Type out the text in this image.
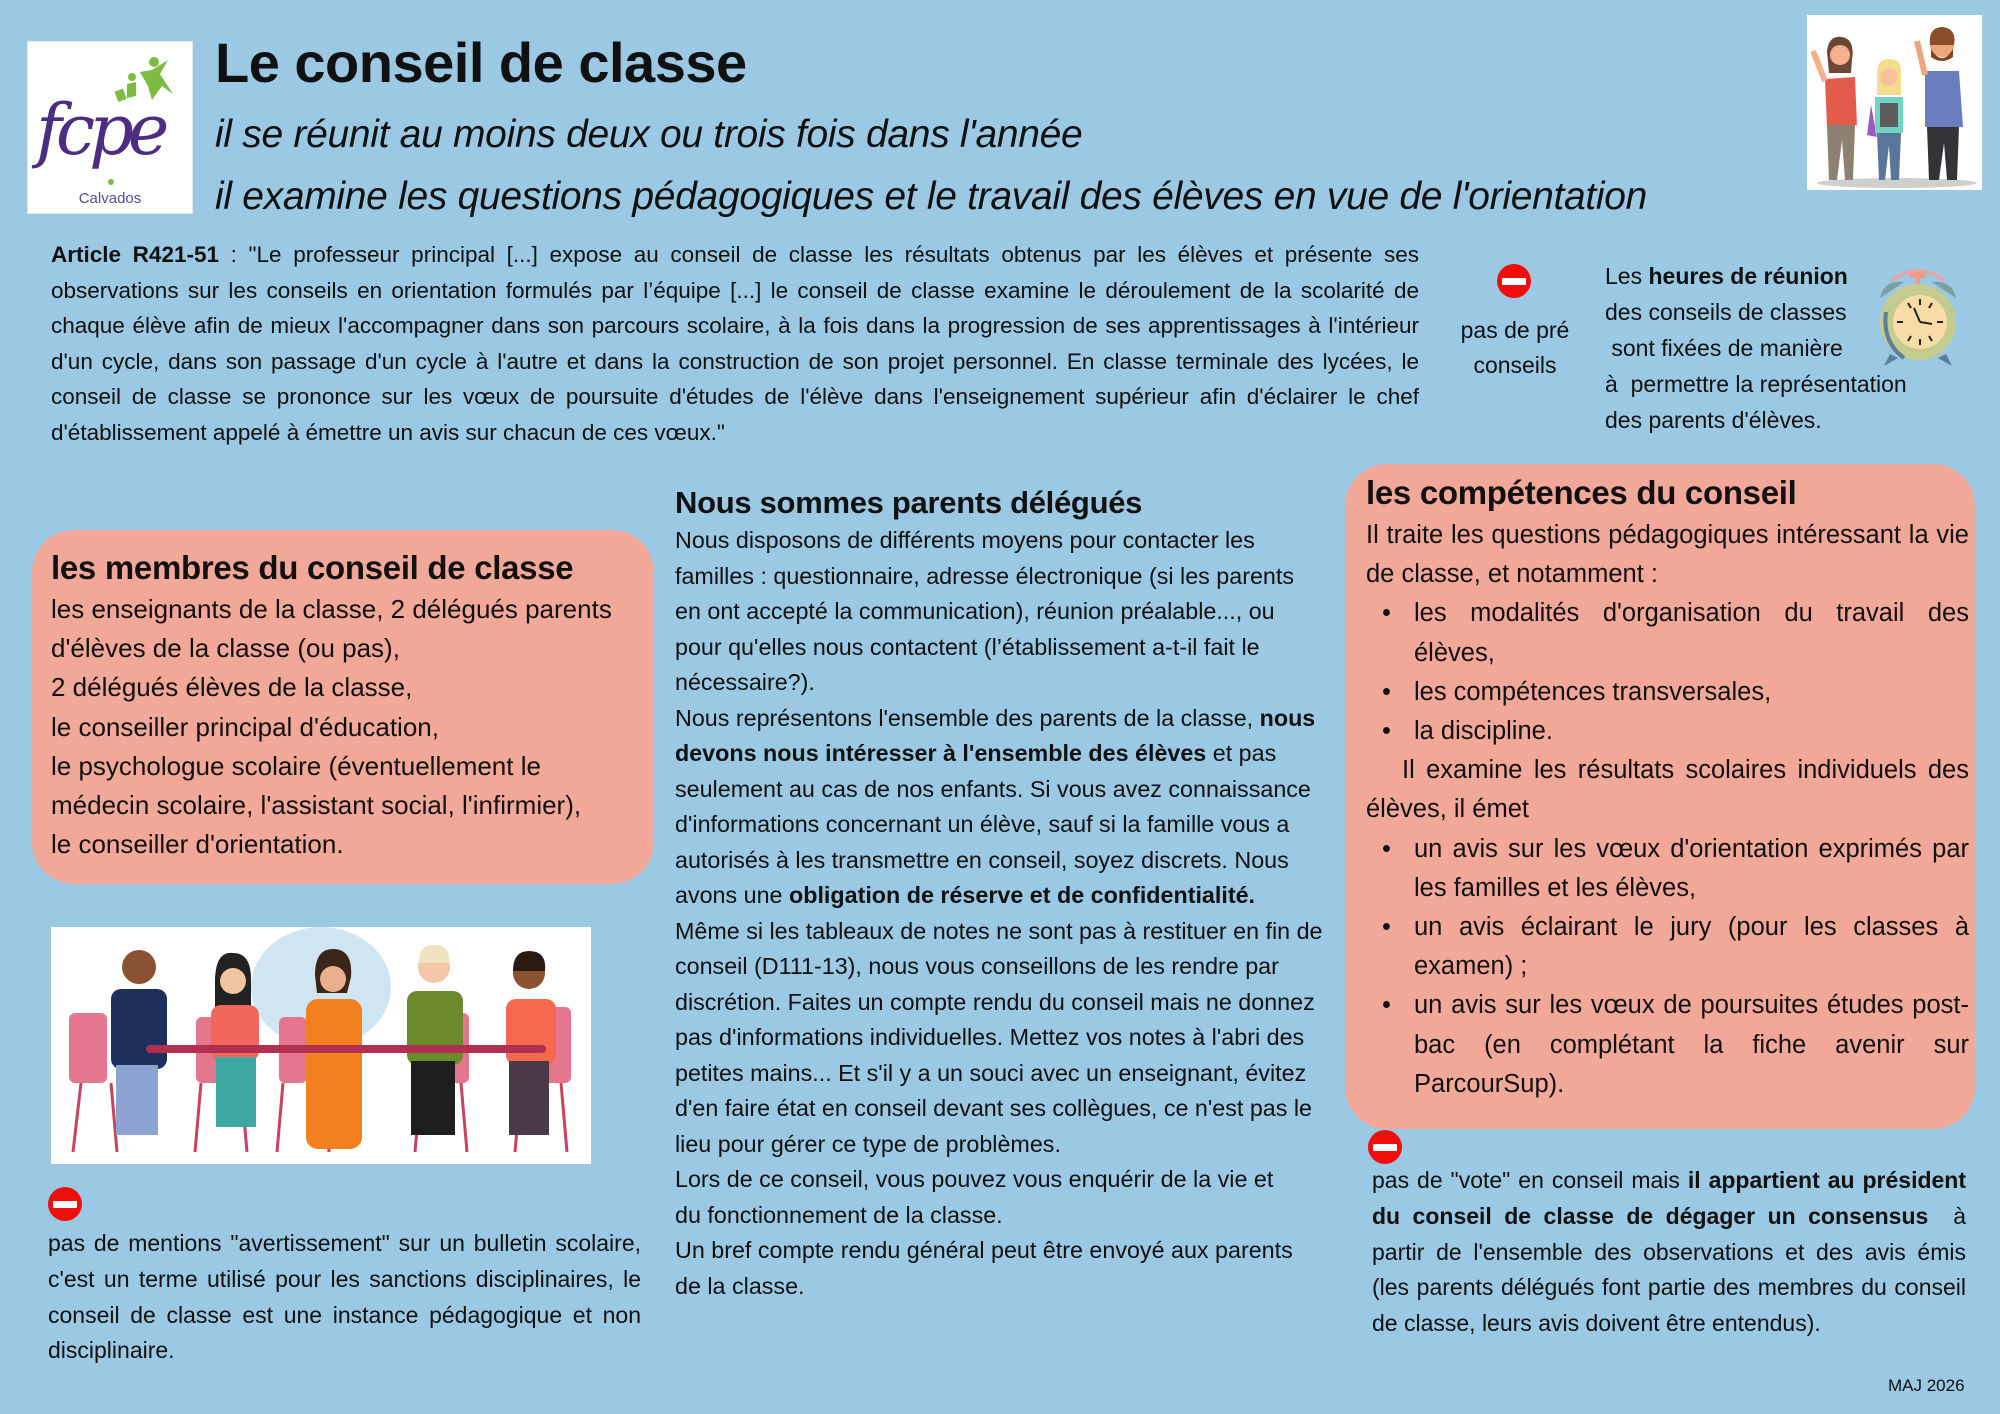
fcpe
Calvados
Le conseil de classe
il se réunit au moins deux ou trois fois dans l'année
il examine les questions pédagogiques et le travail des élèves en vue de l'orientation

Article R421-51 : "Le professeur principal [...] expose au conseil de classe les résultats obtenus par les élèves et présente ses observations sur les conseils en orientation formulés par l’équipe [...] le conseil de classe examine le déroulement de la scolarité de chaque élève afin de mieux l'accompagner dans son parcours scolaire, à la fois dans la progression de ses apprentissages à l'intérieur d'un cycle, dans son passage d'un cycle à l'autre et dans la construction de son projet personnel. En classe terminale des lycées, le conseil de classe se prononce sur les vœux de poursuite d'études de l'élève dans l'enseignement supérieur afin d'éclairer le chef d'établissement appelé à émettre un avis sur chacun de ces vœux."

pas de pré
conseils
Les heures de réunion
des conseils de classes
sont fixées de manière
à  permettre la représentation
des parents d'élèves.
les membres du conseil de classe
les enseignants de la classe, 2 délégués parents
d'élèves de la classe (ou pas),
2 délégués élèves de la classe,
le conseiller principal d'éducation,
le psychologue scolaire (éventuellement le
médecin scolaire, l'assistant social, l'infirmier),
le conseiller d'orientation.
Nous sommes parents délégués
Nous disposons de différents moyens pour contacter les familles : questionnaire, adresse électronique (si les parents en ont accepté la communication), réunion préalable..., ou pour qu'elles nous contactent (l’établissement a-t-il fait le nécessaire?).
Nous représentons l'ensemble des parents de la classe, nous devons nous intéresser à l'ensemble des élèves et pas seulement au cas de nos enfants. Si vous avez connaissance d'informations concernant un élève, sauf si la famille vous a autorisés à les transmettre en conseil, soyez discrets. Nous avons une obligation de réserve et de confidentialité. Même si les tableaux de notes ne sont pas à restituer en fin de conseil (D111-13), nous vous conseillons de les rendre par discrétion. Faites un compte rendu du conseil mais ne donnez pas d'informations individuelles. Mettez vos notes à l'abri des petites mains... Et s'il y a un souci avec un enseignant, évitez d'en faire état en conseil devant ses collègues, ce n'est pas le lieu pour gérer ce type de problèmes.
Lors de ce conseil, vous pouvez vous enquérir de la vie et du fonctionnement de la classe.
Un bref compte rendu général peut être envoyé aux parents de la classe.
les compétences du conseil
Il traite les questions pédagogiques intéressant la vie de classe, et notamment :
• les modalités d'organisation du travail des élèves,
• les compétences transversales,
• la discipline.
Il examine les résultats scolaires individuels des élèves, il émet
• un avis sur les vœux d'orientation exprimés par les familles et les élèves,
• un avis éclairant le jury (pour les classes à examen) ;
• un avis sur les vœux de poursuites études post-bac (en complétant la fiche avenir sur ParcourSup).

pas de mentions "avertissement" sur un bulletin scolaire, c'est un terme utilisé pour les sanctions disciplinaires, le conseil de classe est une instance pédagogique et non disciplinaire.

pas de "vote" en conseil mais il appartient au président du conseil de classe de dégager un consensus  à partir de l'ensemble des observations et des avis émis (les parents délégués font partie des membres du conseil de classe, leurs avis doivent être entendus).

MAJ 2026
